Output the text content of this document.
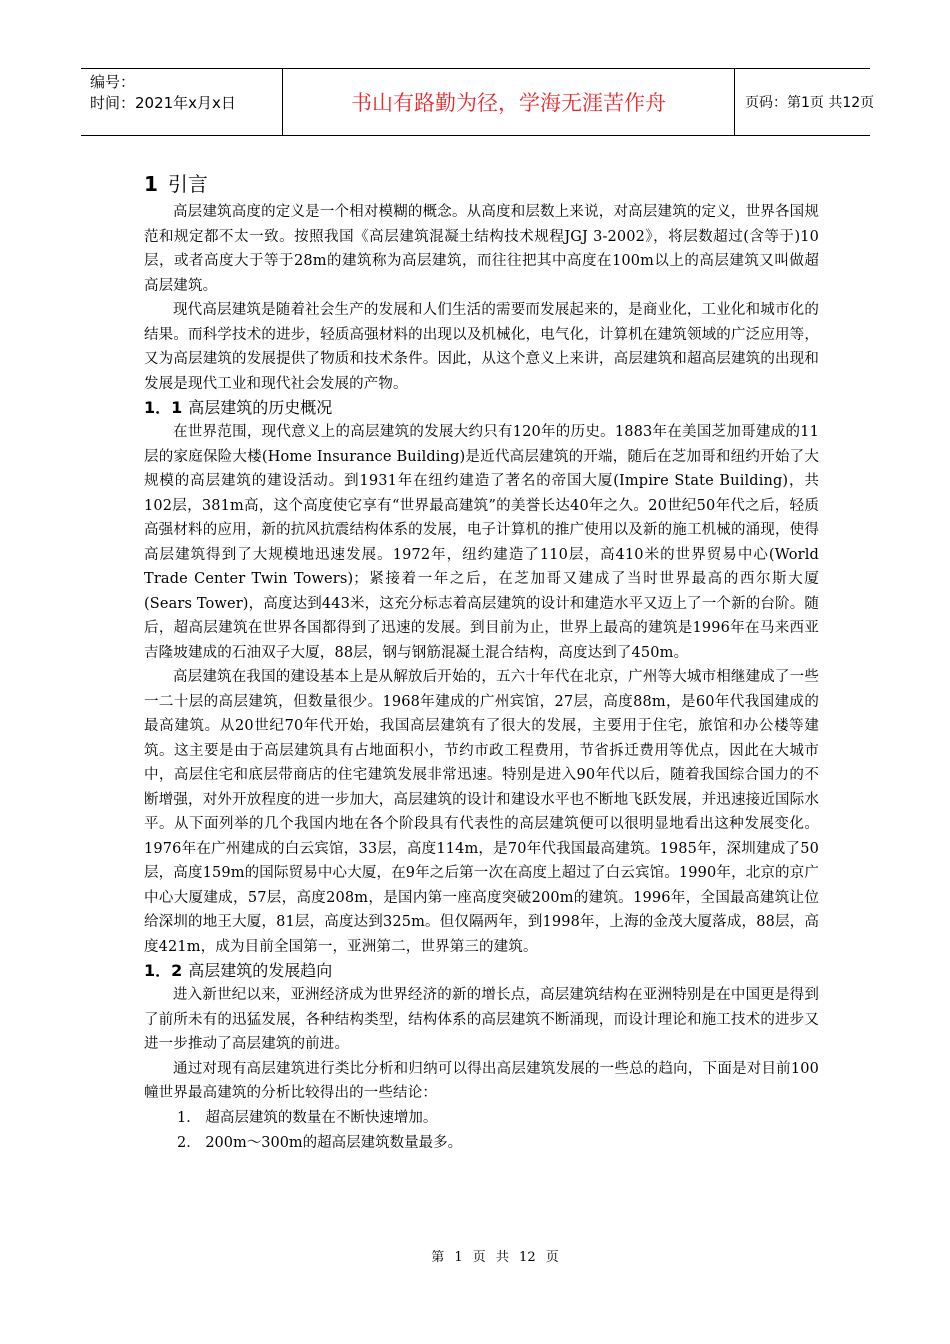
编号：
时间：2021年x月x日	书山有路勤为径，学海无涯苦作舟	页码：第1页 共12页
1 引言

高层建筑高度的定义是一个相对模糊的概念。从高度和层数上来说，对高层建筑的定义，世界各国规范和规定都不太一致。按照我国《高层建筑混凝土结构技术规程JGJ 3-2002》，将层数超过(含等于)10层，或者高度大于等于28m的建筑称为高层建筑，而往往把其中高度在100m以上的高层建筑又叫做超高层建筑。

现代高层建筑是随着社会生产的发展和人们生活的需要而发展起来的，是商业化，工业化和城市化的结果。而科学技术的进步，轻质高强材料的出现以及机械化，电气化，计算机在建筑领域的广泛应用等，又为高层建筑的发展提供了物质和技术条件。因此，从这个意义上来讲，高层建筑和超高层建筑的出现和发展是现代工业和现代社会发展的产物。

1．1 高层建筑的历史概况

在世界范围，现代意义上的高层建筑的发展大约只有120年的历史。1883年在美国芝加哥建成的11层的家庭保险大楼(Home Insurance Building)是近代高层建筑的开端，随后在芝加哥和纽约开始了大规模的高层建筑的建设活动。到1931年在纽约建造了著名的帝国大厦(Impire State Building)，共102层，381m高，这个高度使它享有“世界最高建筑”的美誉长达40年之久。20世纪50年代之后，轻质高强材料的应用，新的抗风抗震结构体系的发展，电子计算机的推广使用以及新的施工机械的涌现，使得高层建筑得到了大规模地迅速发展。1972年，纽约建造了110层，高410米的世界贸易中心(World Trade Center Twin Towers)；紧接着一年之后，在芝加哥又建成了当时世界最高的西尔斯大厦(Sears Tower)，高度达到443米，这充分标志着高层建筑的设计和建造水平又迈上了一个新的台阶。随后，超高层建筑在世界各国都得到了迅速的发展。到目前为止，世界上最高的建筑是1996年在马来西亚吉隆坡建成的石油双子大厦，88层，钢与钢筋混凝土混合结构，高度达到了450m。

高层建筑在我国的建设基本上是从解放后开始的，五六十年代在北京，广州等大城市相继建成了一些一二十层的高层建筑，但数量很少。1968年建成的广州宾馆，27层，高度88m，是60年代我国建成的最高建筑。从20世纪70年代开始，我国高层建筑有了很大的发展，主要用于住宅，旅馆和办公楼等建筑。这主要是由于高层建筑具有占地面积小，节约市政工程费用，节省拆迁费用等优点，因此在大城市中，高层住宅和底层带商店的住宅建筑发展非常迅速。特别是进入90年代以后，随着我国综合国力的不断增强，对外开放程度的进一步加大，高层建筑的设计和建设水平也不断地飞跃发展，并迅速接近国际水平。从下面列举的几个我国内地在各个阶段具有代表性的高层建筑便可以很明显地看出这种发展变化。1976年在广州建成的白云宾馆，33层，高度114m，是70年代我国最高建筑。1985年，深圳建成了50层，高度159m的国际贸易中心大厦，在9年之后第一次在高度上超过了白云宾馆。1990年，北京的京广中心大厦建成，57层，高度208m，是国内第一座高度突破200m的建筑。1996年，全国最高建筑让位给深圳的地王大厦，81层，高度达到325m。但仅隔两年，到1998年，上海的金茂大厦落成，88层，高度421m，成为目前全国第一，亚洲第二，世界第三的建筑。

1．2 高层建筑的发展趋向

进入新世纪以来，亚洲经济成为世界经济的新的增长点，高层建筑结构在亚洲特别是在中国更是得到了前所未有的迅猛发展，各种结构类型，结构体系的高层建筑不断涌现，而设计理论和施工技术的进步又进一步推动了高层建筑的前进。

通过对现有高层建筑进行类比分析和归纳可以得出高层建筑发展的一些总的趋向，下面是对目前100幢世界最高建筑的分析比较得出的一些结论：

1． 超高层建筑的数量在不断快速增加。

2． 200m～300m的超高层建筑数量最多。

第 1 页 共 12 页
